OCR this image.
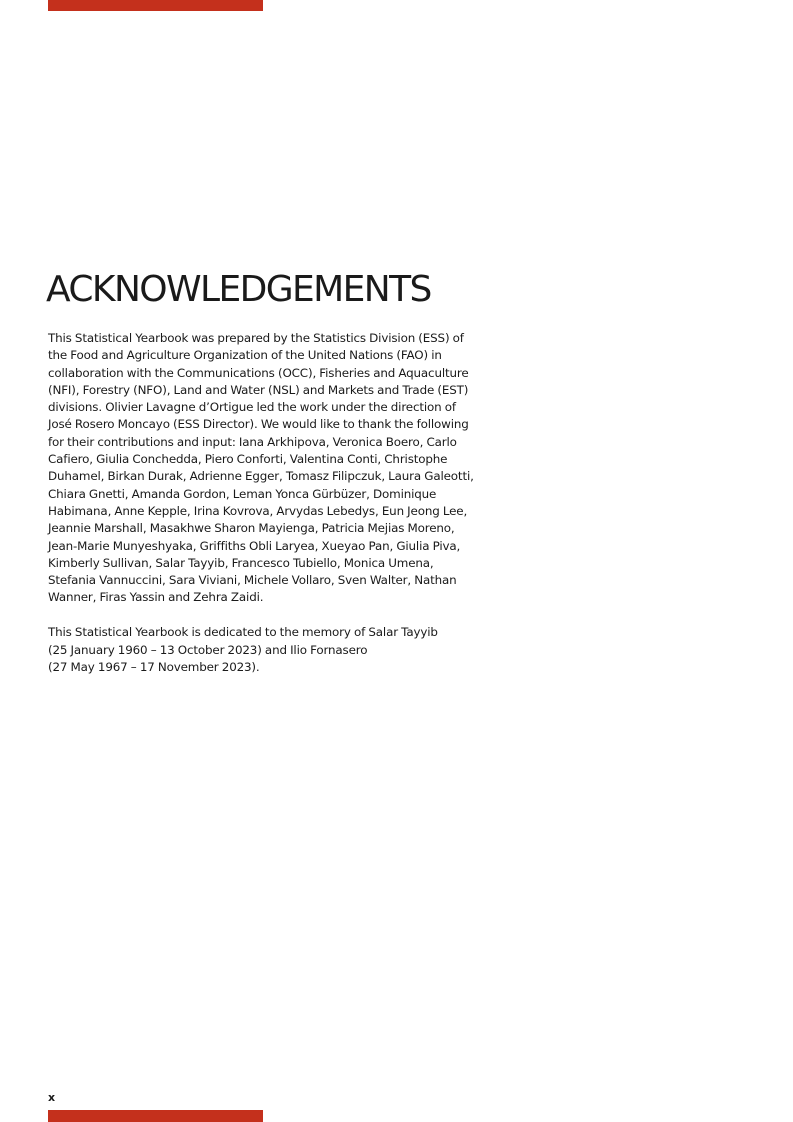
ACKNOWLEDGEMENTS

This Statistical Yearbook was prepared by the Statistics Division (ESS) of
the Food and Agriculture Organization of the United Nations (FAO) in
collaboration with the Communications (OCC), Fisheries and Aquaculture
(NFI), Forestry (NFO), Land and Water (NSL) and Markets and Trade (EST)
divisions. Olivier Lavagne d’Ortigue led the work under the direction of
José Rosero Moncayo (ESS Director). We would like to thank the following
for their contributions and input: Iana Arkhipova, Veronica Boero, Carlo
Cafiero, Giulia Conchedda, Piero Conforti, Valentina Conti, Christophe
Duhamel, Birkan Durak, Adrienne Egger, Tomasz Filipczuk, Laura Galeotti,
Chiara Gnetti, Amanda Gordon, Leman Yonca Gürbüzer, Dominique
Habimana, Anne Kepple, Irina Kovrova, Arvydas Lebedys, Eun Jeong Lee,
Jeannie Marshall, Masakhwe Sharon Mayienga, Patricia Mejias Moreno,
Jean-Marie Munyeshyaka, Griffiths Obli Laryea, Xueyao Pan, Giulia Piva,
Kimberly Sullivan, Salar Tayyib, Francesco Tubiello, Monica Umena,
Stefania Vannuccini, Sara Viviani, Michele Vollaro, Sven Walter, Nathan
Wanner, Firas Yassin and Zehra Zaidi.

This Statistical Yearbook is dedicated to the memory of Salar Tayyib
(25 January 1960 – 13 October 2023) and Ilio Fornasero
(27 May 1967 – 17 November 2023).

x
